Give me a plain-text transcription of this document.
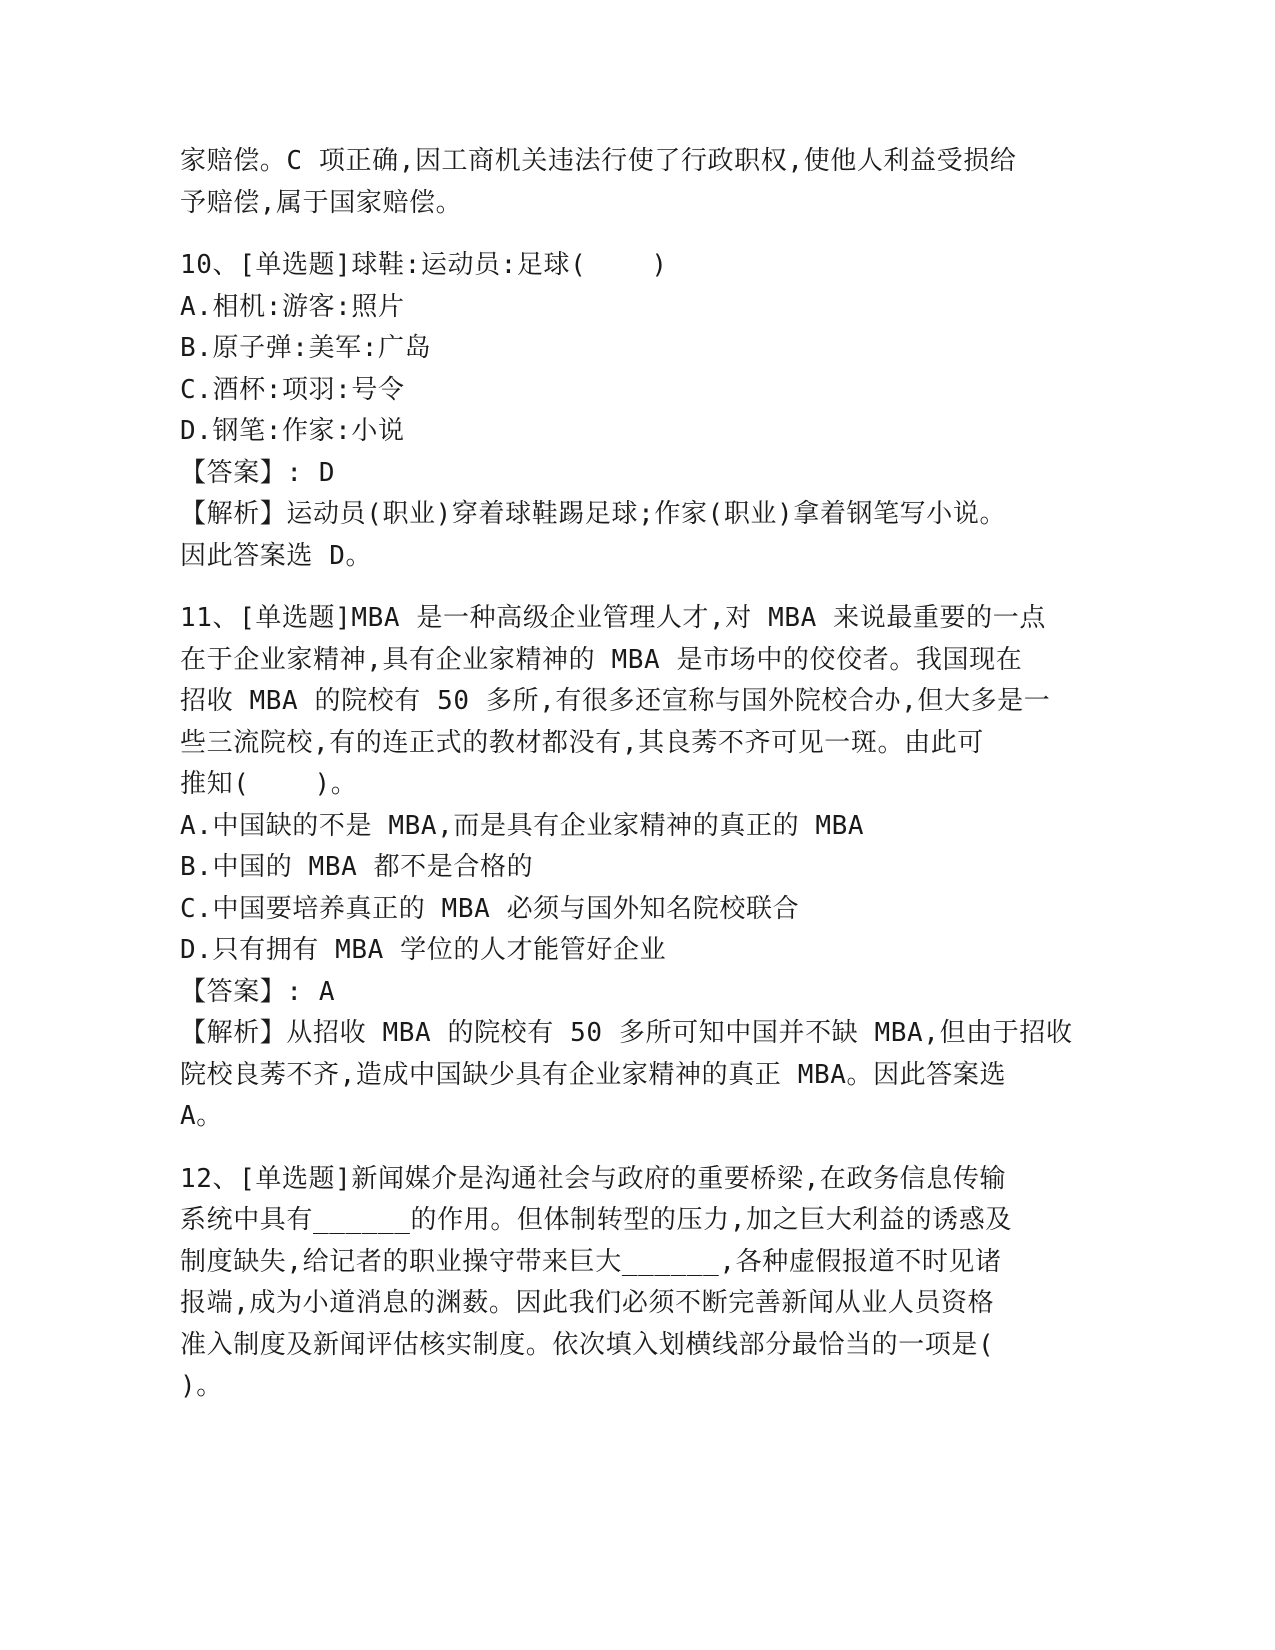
家赔偿。C 项正确,因工商机关违法行使了行政职权,使他人利益受损给
予赔偿,属于国家赔偿。
10、[单选题]球鞋:运动员:足球(    )
A.相机:游客:照片
B.原子弹:美军:广岛
C.酒杯:项羽:号令
D.钢笔:作家:小说
【答案】: D
【解析】运动员(职业)穿着球鞋踢足球;作家(职业)拿着钢笔写小说。
因此答案选 D。
11、[单选题]MBA 是一种高级企业管理人才,对 MBA 来说最重要的一点
在于企业家精神,具有企业家精神的 MBA 是市场中的佼佼者。我国现在
招收 MBA 的院校有 50 多所,有很多还宣称与国外院校合办,但大多是一
些三流院校,有的连正式的教材都没有,其良莠不齐可见一斑。由此可
推知(    )。
A.中国缺的不是 MBA,而是具有企业家精神的真正的 MBA
B.中国的 MBA 都不是合格的
C.中国要培养真正的 MBA 必须与国外知名院校联合
D.只有拥有 MBA 学位的人才能管好企业
【答案】: A
【解析】从招收 MBA 的院校有 50 多所可知中国并不缺 MBA,但由于招收
院校良莠不齐,造成中国缺少具有企业家精神的真正 MBA。因此答案选
A。
12、[单选题]新闻媒介是沟通社会与政府的重要桥梁,在政务信息传输
系统中具有______的作用。但体制转型的压力,加之巨大利益的诱惑及
制度缺失,给记者的职业操守带来巨大______,各种虚假报道不时见诸
报端,成为小道消息的渊薮。因此我们必须不断完善新闻从业人员资格
准入制度及新闻评估核实制度。依次填入划横线部分最恰当的一项是(
)。
